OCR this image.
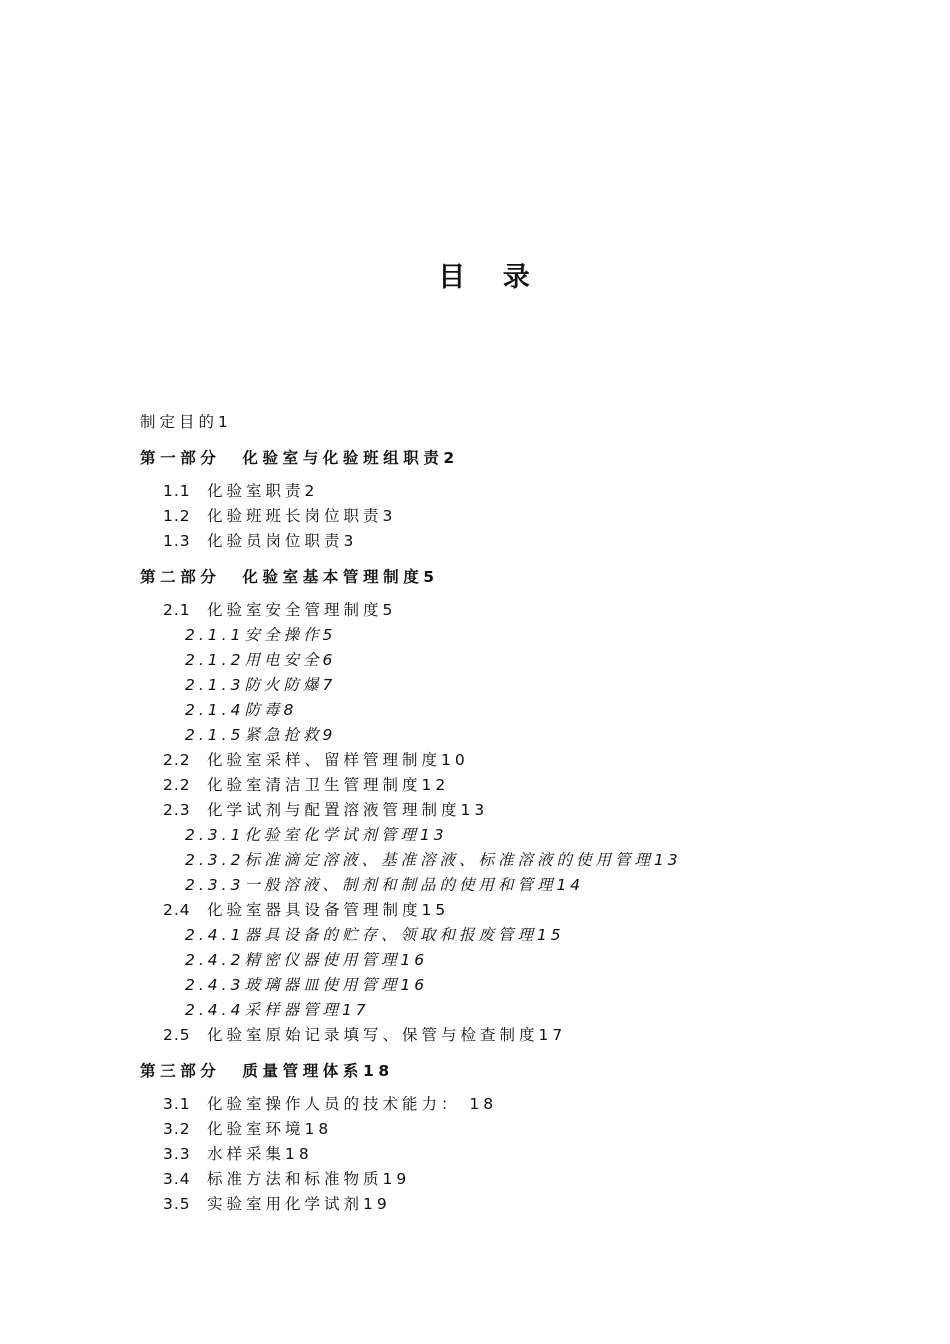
目 录
制定目的1
第一部分 化验室与化验班组职责2
1.1 化验室职责2
1.2 化验班班长岗位职责3
1.3 化验员岗位职责3
第二部分 化验室基本管理制度5
2.1 化验室安全管理制度5
2.1.1安全操作5
2.1.2用电安全6
2.1.3防火防爆7
2.1.4防毒8
2.1.5紧急抢救9
2.2 化验室采样、留样管理制度10
2.2 化验室清洁卫生管理制度12
2.3 化学试剂与配置溶液管理制度13
2.3.1化验室化学试剂管理13
2.3.2标准滴定溶液、基准溶液、标准溶液的使用管理13
2.3.3一般溶液、制剂和制品的使用和管理14
2.4 化验室器具设备管理制度15
2.4.1器具设备的贮存、领取和报废管理15
2.4.2精密仪器使用管理16
2.4.3玻璃器皿使用管理16
2.4.4采样器管理17
2.5 化验室原始记录填写、保管与检查制度17
第三部分 质量管理体系18
3.1 化验室操作人员的技术能力： 18
3.2 化验室环境18
3.3 水样采集18
3.4 标准方法和标准物质19
3.5 实验室用化学试剂19
